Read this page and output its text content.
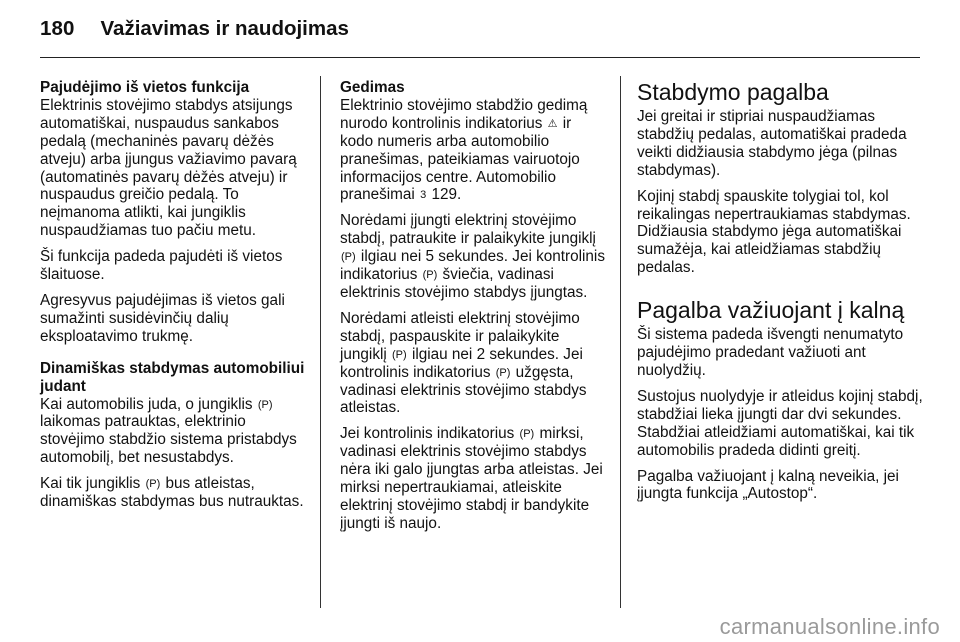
180 Važiavimas ir naudojimas
Pajudėjimo iš vietos funkcija

Elektrinis stovėjimo stabdys atsijungs automatiškai, nuspaudus sankabos pedalą (mechaninės pavarų dėžės atveju) arba įjungus važiavimo pavarą (automatinės pavarų dėžės atveju) ir nuspaudus greičio pedalą. To neįmanoma atlikti, kai jungiklis nuspaudžiamas tuo pačiu metu.

Ši funkcija padeda pajudėti iš vietos šlaituose.

Agresyvus pajudėjimas iš vietos gali sumažinti susidėvinčių dalių eksploatavimo trukmę.

Dinamiškas stabdymas automobiliui judant

Kai automobilis juda, o jungiklis (P) laikomas patrauktas, elektrinio stovėjimo stabdžio sistema pristabdys automobilį, bet nesustabdys.

Kai tik jungiklis (P) bus atleistas, dinamiškas stabdymas bus nutrauktas.

Gedimas

Elektrinio stovėjimo stabdžio gedimą nurodo kontrolinis indikatorius ⚠ ir kodo numeris arba automobilio pranešimas, pateikiamas vairuotojo informacijos centre. Automobilio pranešimai 3 129.

Norėdami įjungti elektrinį stovėjimo stabdį, patraukite ir palaikykite jungiklį (P) ilgiau nei 5 sekundes. Jei kontrolinis indikatorius (P) šviečia, vadinasi elektrinis stovėjimo stabdys įjungtas.

Norėdami atleisti elektrinį stovėjimo stabdį, paspauskite ir palaikykite jungiklį (P) ilgiau nei 2 sekundes. Jei kontrolinis indikatorius (P) užgęsta, vadinasi elektrinis stovėjimo stabdys atleistas.

Jei kontrolinis indikatorius (P) mirksi, vadinasi elektrinis stovėjimo stabdys nėra iki galo įjungtas arba atleistas. Jei mirksi nepertraukiamai, atleiskite elektrinį stovėjimo stabdį ir bandykite įjungti iš naujo.

Stabdymo pagalba

Jei greitai ir stipriai nuspaudžiamas stabdžių pedalas, automatiškai pradeda veikti didžiausia stabdymo jėga (pilnas stabdymas).

Kojinį stabdį spauskite tolygiai tol, kol reikalingas nepertraukiamas stabdymas. Didžiausia stabdymo jėga automatiškai sumažėja, kai atleidžiamas stabdžių pedalas.

Pagalba važiuojant į kalną

Ši sistema padeda išvengti nenumatyto pajudėjimo pradedant važiuoti ant nuolydžių.

Sustojus nuolydyje ir atleidus kojinį stabdį, stabdžiai lieka įjungti dar dvi sekundes. Stabdžiai atleidžiami automatiškai, kai tik automobilis pradeda didinti greitį.

Pagalba važiuojant į kalną neveikia, jei įjungta funkcija „Autostop“.

carmanualsonline.info
